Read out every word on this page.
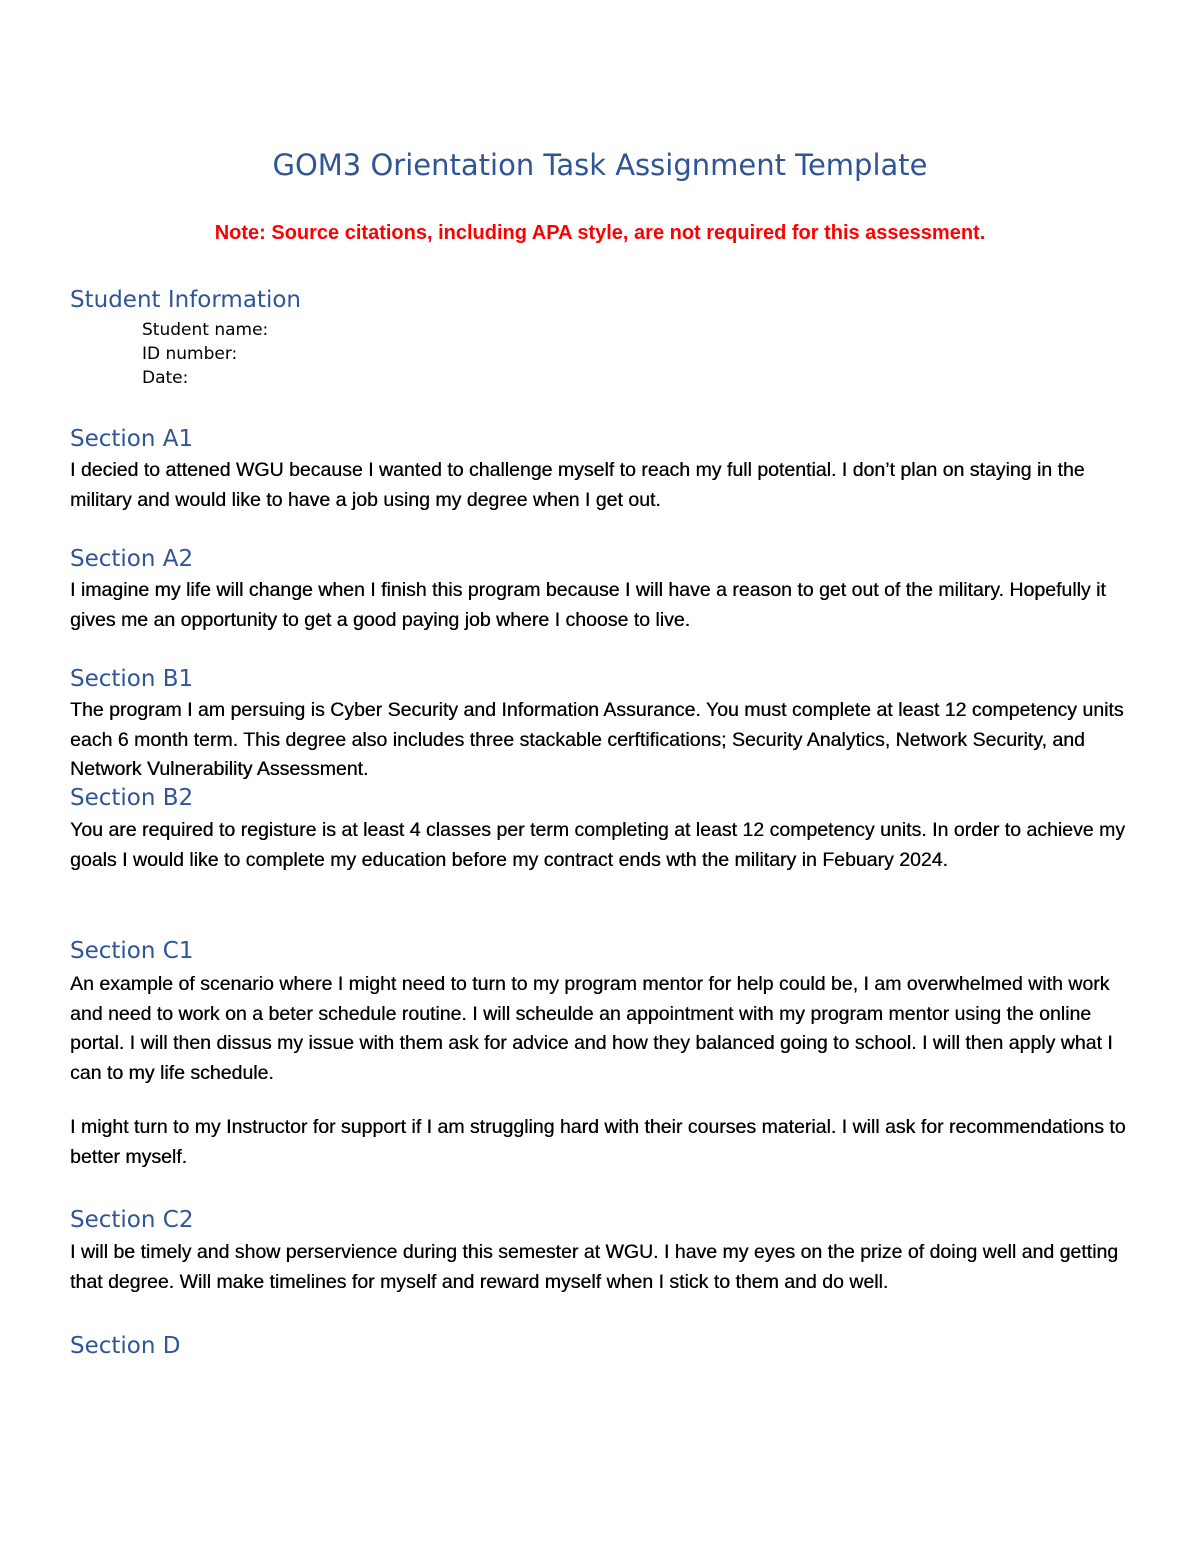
GOM3 Orientation Task Assignment Template

Note: Source citations, including APA style, are not required for this assessment.

Student Information
Student name:
ID number:
Date:
Section A1

I decied to attened WGU because I wanted to challenge myself to reach my full potential. I don’t plan on staying in the military and would like to have a job using my degree when I get out.

Section A2

I imagine my life will change when I finish this program because I will have a reason to get out of the military. Hopefully it gives me an opportunity to get a good paying job where I choose to live.

Section B1

The program I am persuing is Cyber Security and Information Assurance. You must complete at least 12 competency units each 6 month term. This degree also includes three stackable cerftifications; Security Analytics, Network Security, and Network Vulnerability Assessment.

Section B2

You are required to registure is at least 4 classes per term completing at least 12 competency units. In order to achieve my goals I would like to complete my education before my contract ends wth the military in Febuary 2024.

Section C1

An example of scenario where I might need to turn to my program mentor for help could be, I am overwhelmed with work and need to work on a beter schedule routine. I will scheulde an appointment with my program mentor using the online portal. I will then dissus my issue with them ask for advice and how they balanced going to school. I will then apply what I can to my life schedule.

I might turn to my Instructor for support if I am struggling hard with their courses material. I will ask for recommendations to better myself.

Section C2

I will be timely and show perservience during this semester at WGU. I have my eyes on the prize of doing well and getting that degree. Will make timelines for myself and reward myself when I stick to them and do well.

Section D
